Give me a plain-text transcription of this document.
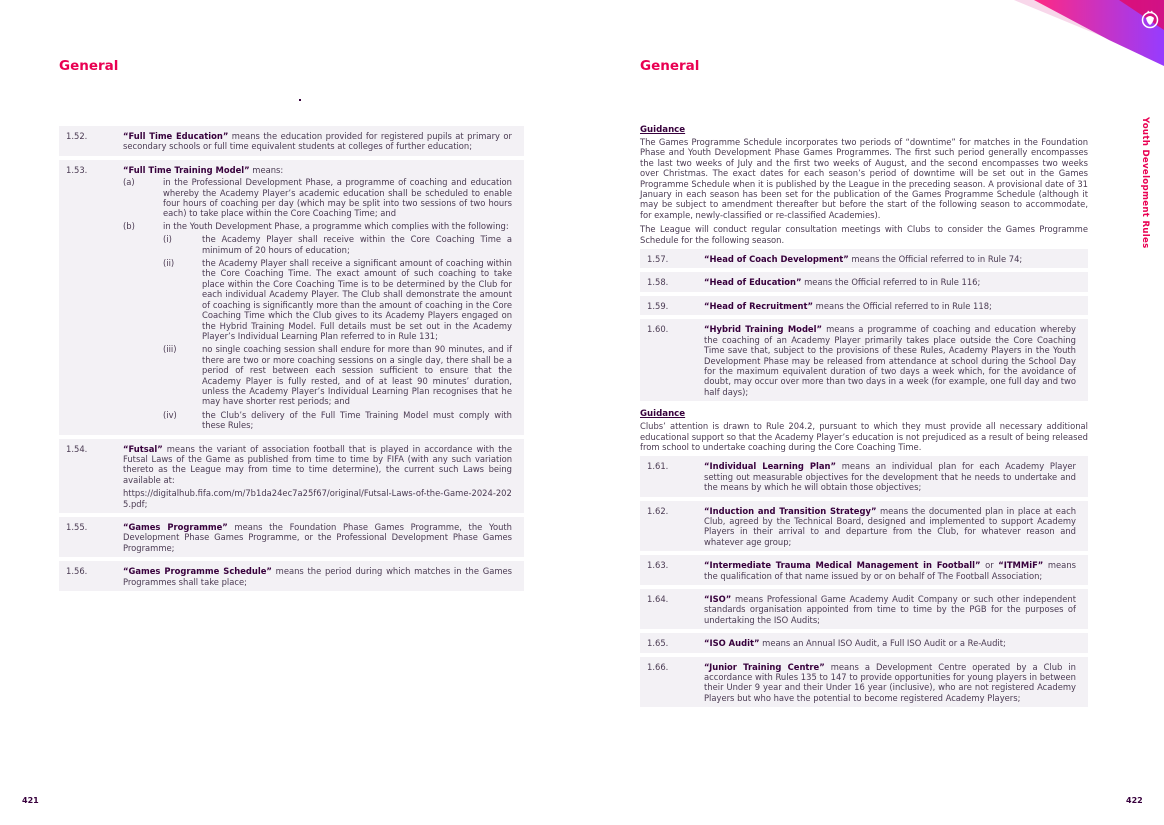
General
1.52.	“Full Time Education” means the education provided for registered pupils at primary or secondary schools or full time equivalent students at colleges of further education;
1.53.	“Full Time Training Model” means:
(a)	in the Professional Development Phase, a programme of coaching and education whereby the Academy Player’s academic education shall be scheduled to enable four hours of coaching per day (which may be split into two sessions of two hours each) to take place within the Core Coaching Time; and
(b)	in the Youth Development Phase, a programme which complies with the following:
(i)	the Academy Player shall receive within the Core Coaching Time a minimum of 20 hours of education;
(ii)	the Academy Player shall receive a significant amount of coaching within the Core Coaching Time. The exact amount of such coaching to take place within the Core Coaching Time is to be determined by the Club for each individual Academy Player. The Club shall demonstrate the amount of coaching is significantly more than the amount of coaching in the Core Coaching Time which the Club gives to its Academy Players engaged on the Hybrid Training Model. Full details must be set out in the Academy Player’s Individual Learning Plan referred to in Rule 131;
(iii)	no single coaching session shall endure for more than 90 minutes, and if there are two or more coaching sessions on a single day, there shall be a period of rest between each session sufficient to ensure that the Academy Player is fully rested, and of at least 90 minutes’ duration, unless the Academy Player’s Individual Learning Plan recognises that he may have shorter rest periods; and
(iv)	the Club’s delivery of the Full Time Training Model must comply with these Rules;
1.54.	“Futsal” means the variant of association football that is played in accordance with the Futsal Laws of the Game as published from time to time by FIFA (with any such variation thereto as the League may from time to time determine), the current such Laws being available at:
https://digitalhub.fifa.com/m/7b1da24ec7a25f67/original/Futsal-Laws-of-the-Game-2024-2025.pdf;
1.55.	“Games Programme” means the Foundation Phase Games Programme, the Youth Development Phase Games Programme, or the Professional Development Phase Games Programme;
1.56.	“Games Programme Schedule” means the period during which matches in the Games Programmes shall take place;
421
General
Guidance

The Games Programme Schedule incorporates two periods of “downtime” for matches in the Foundation Phase and Youth Development Phase Games Programmes. The first such period generally encompasses the last two weeks of July and the first two weeks of August, and the second encompasses two weeks over Christmas. The exact dates for each season’s period of downtime will be set out in the Games Programme Schedule when it is published by the League in the preceding season. A provisional date of 31 January in each season has been set for the publication of the Games Programme Schedule (although it may be subject to amendment thereafter but before the start of the following season to accommodate, for example, newly-classified or re-classified Academies).

The League will conduct regular consultation meetings with Clubs to consider the Games Programme Schedule for the following season.

1.57.	“Head of Coach Development” means the Official referred to in Rule 74;
1.58.	“Head of Education” means the Official referred to in Rule 116;
1.59.	“Head of Recruitment” means the Official referred to in Rule 118;
1.60.	“Hybrid Training Model” means a programme of coaching and education whereby the coaching of an Academy Player primarily takes place outside the Core Coaching Time save that, subject to the provisions of these Rules, Academy Players in the Youth Development Phase may be released from attendance at school during the School Day for the maximum equivalent duration of two days a week which, for the avoidance of doubt, may occur over more than two days in a week (for example, one full day and two half days);
Guidance

Clubs’ attention is drawn to Rule 204.2, pursuant to which they must provide all necessary additional educational support so that the Academy Player’s education is not prejudiced as a result of being released from school to undertake coaching during the Core Coaching Time.

1.61.	“Individual Learning Plan” means an individual plan for each Academy Player setting out measurable objectives for the development that he needs to undertake and the means by which he will obtain those objectives;
1.62.	“Induction and Transition Strategy” means the documented plan in place at each Club, agreed by the Technical Board, designed and implemented to support Academy Players in their arrival to and departure from the Club, for whatever reason and whatever age group;
1.63.	“Intermediate Trauma Medical Management in Football” or “ITMMiF” means the qualification of that name issued by or on behalf of The Football Association;
1.64.	“ISO” means Professional Game Academy Audit Company or such other independent standards organisation appointed from time to time by the PGB for the purposes of undertaking the ISO Audits;
1.65.	“ISO Audit” means an Annual ISO Audit, a Full ISO Audit or a Re-Audit;
1.66.	“Junior Training Centre” means a Development Centre operated by a Club in accordance with Rules 135 to 147 to provide opportunities for young players in between their Under 9 year and their Under 16 year (inclusive), who are not registered Academy Players but who have the potential to become registered Academy Players;
Youth Development Rules
422
